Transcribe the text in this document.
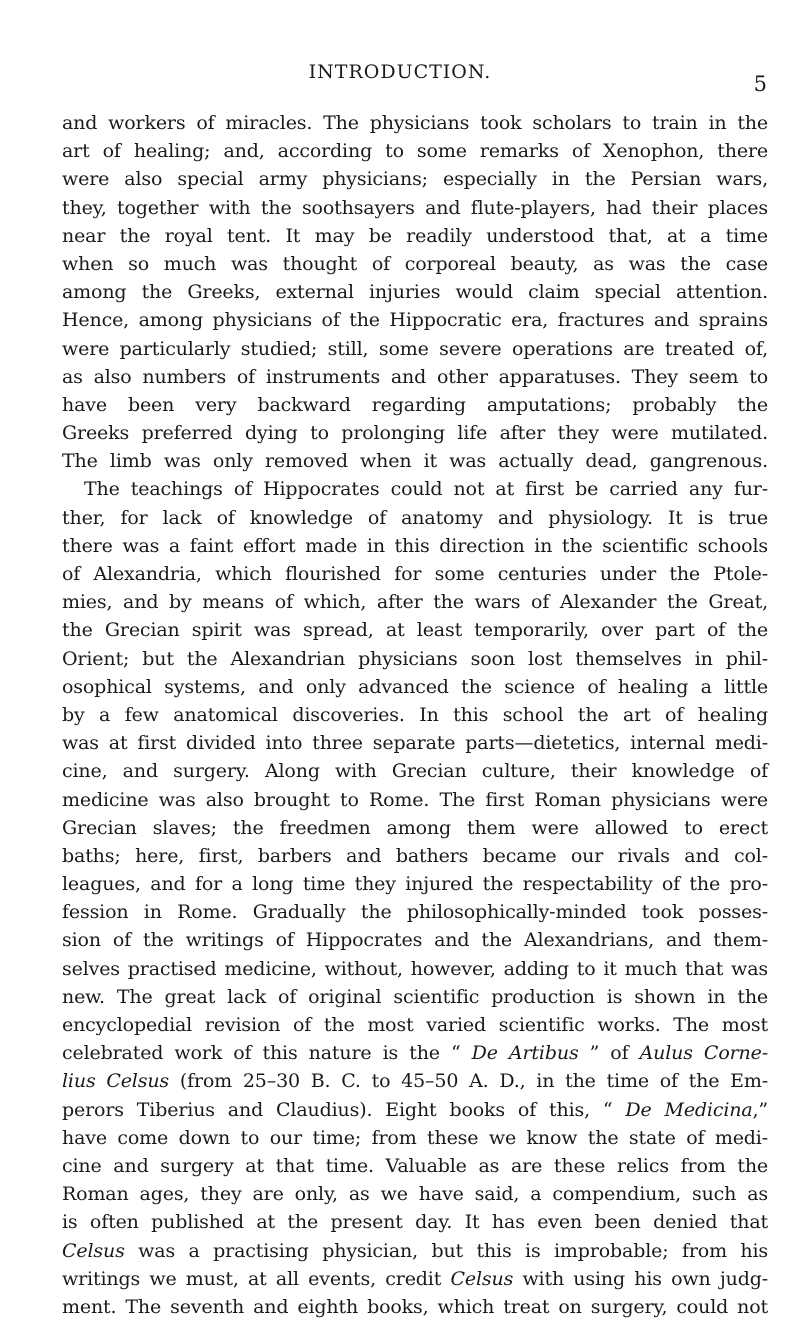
INTRODUCTION.	5
and workers of miracles. The physicians took scholars to train in the
art of healing; and, according to some remarks of Xenophon, there
were also special army physicians; especially in the Persian wars,
they, together with the soothsayers and flute-players, had their places
near the royal tent. It may be readily understood that, at a time
when so much was thought of corporeal beauty, as was the case
among the Greeks, external injuries would claim special attention.
Hence, among physicians of the Hippocratic era, fractures and sprains
were particularly studied; still, some severe operations are treated of,
as also numbers of instruments and other apparatuses. They seem to
have been very backward regarding amputations; probably the
Greeks preferred dying to prolonging life after they were mutilated.
The limb was only removed when it was actually dead, gangrenous.
The teachings of Hippocrates could not at first be carried any fur-
ther, for lack of knowledge of anatomy and physiology. It is true
there was a faint effort made in this direction in the scientific schools
of Alexandria, which flourished for some centuries under the Ptole-
mies, and by means of which, after the wars of Alexander the Great,
the Grecian spirit was spread, at least temporarily, over part of the
Orient; but the Alexandrian physicians soon lost themselves in phil-
osophical systems, and only advanced the science of healing a little
by a few anatomical discoveries. In this school the art of healing
was at first divided into three separate parts—dietetics, internal medi-
cine, and surgery. Along with Grecian culture, their knowledge of
medicine was also brought to Rome. The first Roman physicians were
Grecian slaves; the freedmen among them were allowed to erect
baths; here, first, barbers and bathers became our rivals and col-
leagues, and for a long time they injured the respectability of the pro-
fession in Rome. Gradually the philosophically-minded took posses-
sion of the writings of Hippocrates and the Alexandrians, and them-
selves practised medicine, without, however, adding to it much that was
new. The great lack of original scientific production is shown in the
encyclopedial revision of the most varied scientific works. The most
celebrated work of this nature is the “ De Artibus ” of Aulus Corne-
lius Celsus (from 25–30 B. C. to 45–50 A. D., in the time of the Em-
perors Tiberius and Claudius). Eight books of this, “ De Medicina,”
have come down to our time; from these we know the state of medi-
cine and surgery at that time. Valuable as are these relics from the
Roman ages, they are only, as we have said, a compendium, such as
is often published at the present day. It has even been denied that
Celsus was a practising physician, but this is improbable; from his
writings we must, at all events, credit Celsus with using his own judg-
ment. The seventh and eighth books, which treat on surgery, could not
